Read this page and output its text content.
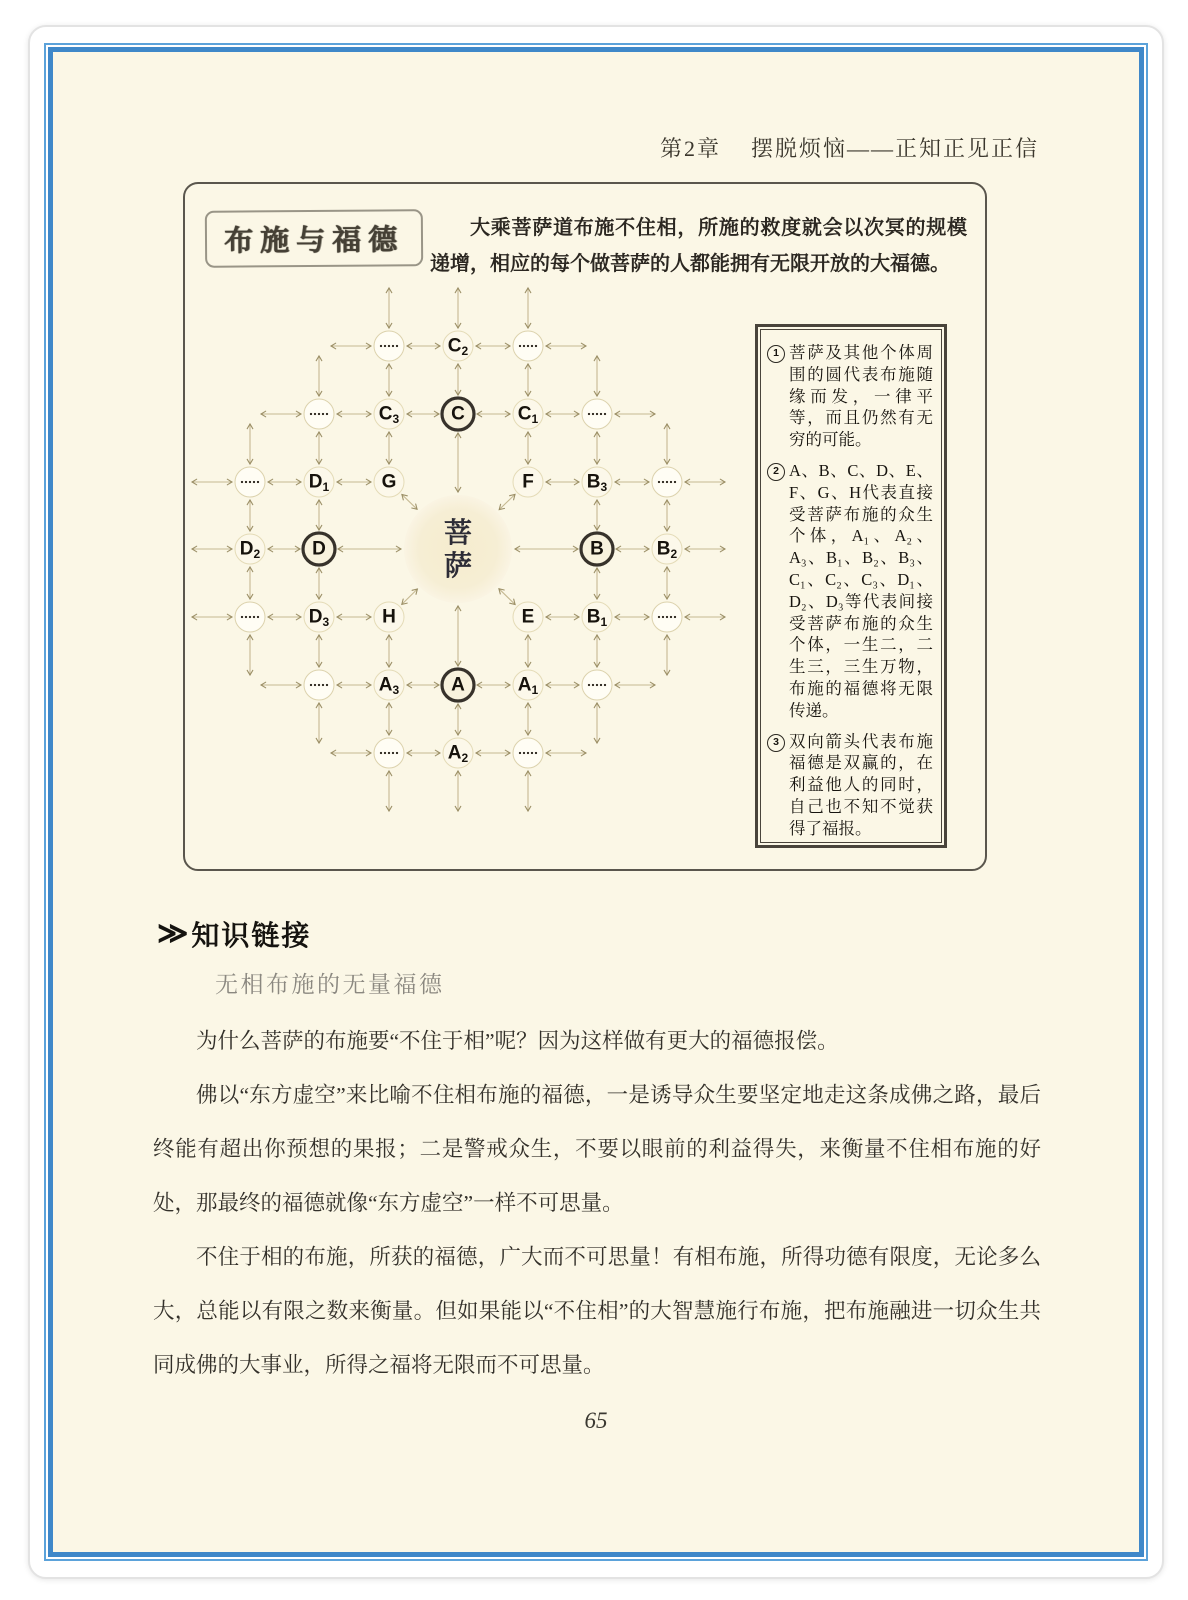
第2章 摆脱烦恼——正知正见正信
菩
萨
$C_2$
$C_3$	C	$C_1$
$D_1$	G	F	$B_3$
$D_2$	D	B	$B_2$
$D_3$	H	E	$B_1$
$A_3$	A	$A_1$
$A_2$
布施与福德	大乘菩萨道布施不住相，所施的救度就会以次冥的规模递增，相应的每个做菩萨的人都能拥有无限开放的大福德。
1 菩萨及其他个体周围的圆代表布施随缘而发，一律平等，而且仍然有无穷的可能。
2 A、B、C、D、E、F、G、H代表直接受菩萨布施的众生个体，A₁、A₂、A₃、B₁、B₂、B₃、C₁、C₂、C₃、D₁、D₂、D₃等代表间接受菩萨布施的众生个体，一生二，二生三，三生万物，布施的福德将无限传递。
3 双向箭头代表布施福德是双赢的，在利益他人的同时，自己也不知不觉获得了福报。
≫ 知识链接
无相布施的无量福德

为什么菩萨的布施要“不住于相”呢？因为这样做有更大的福德报偿。

佛以“东方虚空”来比喻不住相布施的福德，一是诱导众生要坚定地走这条成佛之路，最后终能有超出你预想的果报；二是警戒众生，不要以眼前的利益得失，来衡量不住相布施的好处，那最终的福德就像“东方虚空”一样不可思量。

不住于相的布施，所获的福德，广大而不可思量！有相布施，所得功德有限度，无论多么大，总能以有限之数来衡量。但如果能以“不住相”的大智慧施行布施，把布施融进一切众生共同成佛的大事业，所得之福将无限而不可思量。

65
